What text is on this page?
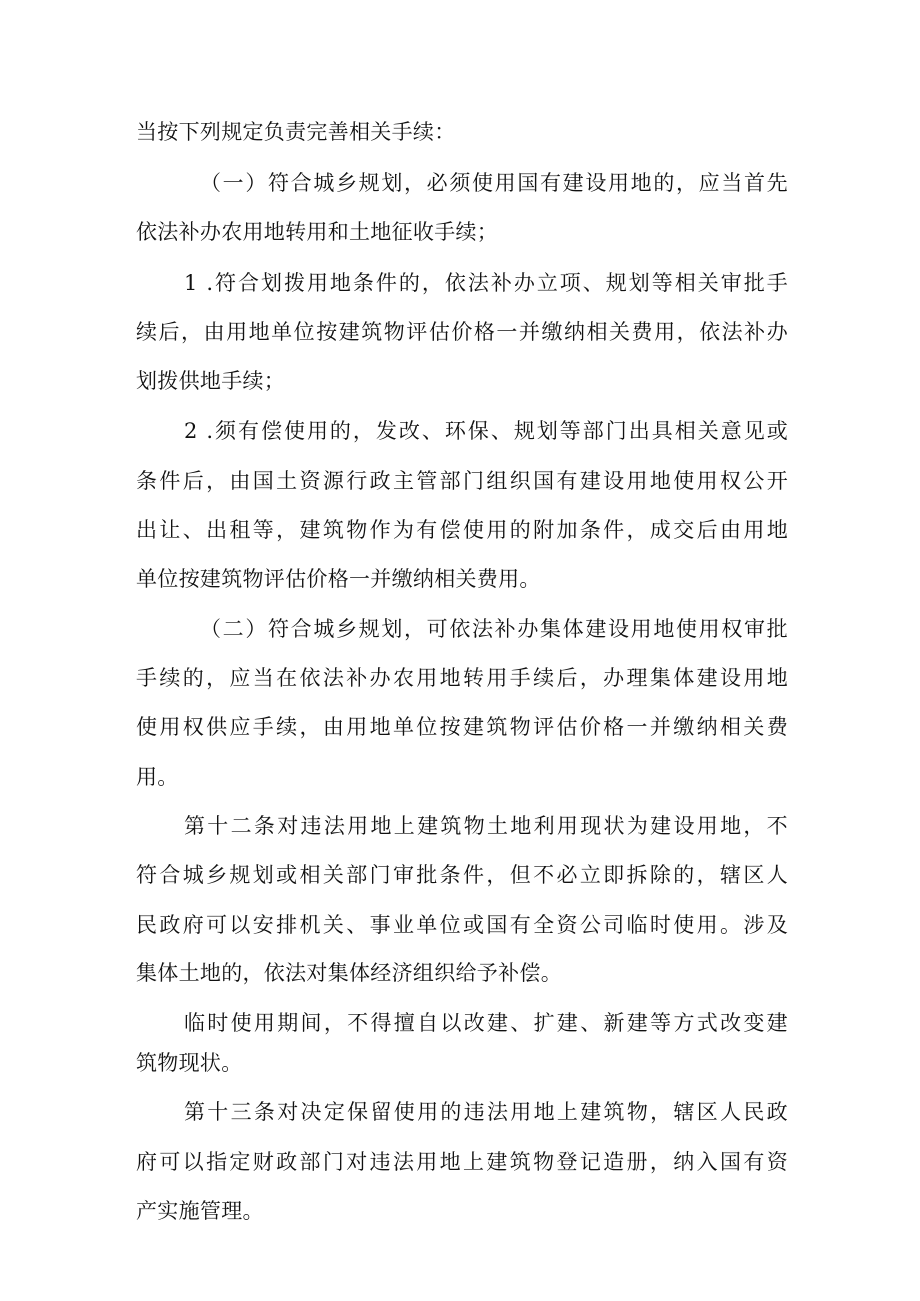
当按下列规定负责完善相关手续：

（一）符合城乡规划，必须使用国有建设用地的，应当首先

依法补办农用地转用和土地征收手续；

1 .符合划拨用地条件的，依法补办立项、规划等相关审批手

续后，由用地单位按建筑物评估价格一并缴纳相关费用，依法补办

划拨供地手续；

2 .须有偿使用的，发改、环保、规划等部门出具相关意见或

条件后，由国土资源行政主管部门组织国有建设用地使用权公开

出让、出租等，建筑物作为有偿使用的附加条件，成交后由用地

单位按建筑物评估价格一并缴纳相关费用。

（二）符合城乡规划，可依法补办集体建设用地使用权审批

手续的，应当在依法补办农用地转用手续后，办理集体建设用地

使用权供应手续，由用地单位按建筑物评估价格一并缴纳相关费

用。

第十二条对违法用地上建筑物土地利用现状为建设用地，不

符合城乡规划或相关部门审批条件，但不必立即拆除的，辖区人

民政府可以安排机关、事业单位或国有全资公司临时使用。涉及

集体土地的，依法对集体经济组织给予补偿。

临时使用期间，不得擅自以改建、扩建、新建等方式改变建

筑物现状。

第十三条对决定保留使用的违法用地上建筑物，辖区人民政

府可以指定财政部门对违法用地上建筑物登记造册，纳入国有资

产实施管理。
